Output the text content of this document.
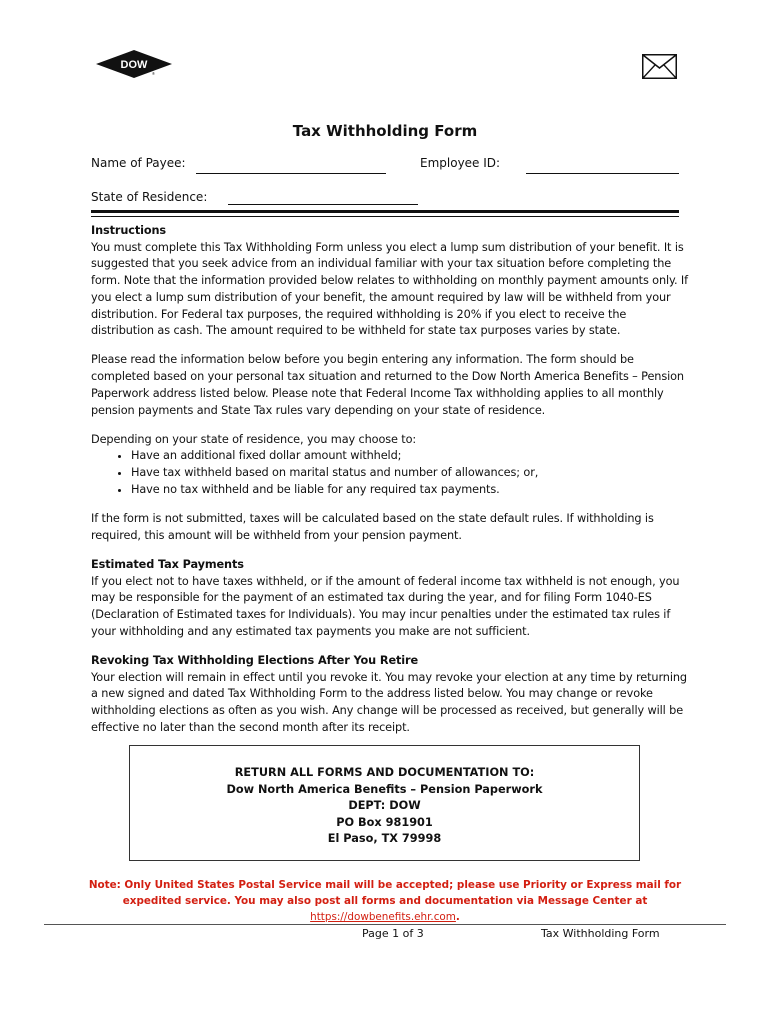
DOW
®
Tax Withholding Form
Name of Payee:	Employee ID:
State of Residence:
Instructions

You must complete this Tax Withholding Form unless you elect a lump sum distribution of your benefit. It is suggested that you seek advice from an individual familiar with your tax situation before completing the form. Note that the information provided below relates to withholding on monthly payment amounts only. If you elect a lump sum distribution of your benefit, the amount required by law will be withheld from your distribution. For Federal tax purposes, the required withholding is 20% if you elect to receive the distribution as cash. The amount required to be withheld for state tax purposes varies by state.

Please read the information below before you begin entering any information. The form should be completed based on your personal tax situation and returned to the Dow North America Benefits – Pension Paperwork address listed below. Please note that Federal Income Tax withholding applies to all monthly pension payments and State Tax rules vary depending on your state of residence.

Depending on your state of residence, you may choose to:
• Have an additional fixed dollar amount withheld;
• Have tax withheld based on marital status and number of allowances; or,
• Have no tax withheld and be liable for any required tax payments.

If the form is not submitted, taxes will be calculated based on the state default rules. If withholding is required, this amount will be withheld from your pension payment.

Estimated Tax Payments

If you elect not to have taxes withheld, or if the amount of federal income tax withheld is not enough, you may be responsible for the payment of an estimated tax during the year, and for filing Form 1040-ES (Declaration of Estimated taxes for Individuals). You may incur penalties under the estimated tax rules if your withholding and any estimated tax payments you make are not sufficient.

Revoking Tax Withholding Elections After You Retire

Your election will remain in effect until you revoke it. You may revoke your election at any time by returning a new signed and dated Tax Withholding Form to the address listed below. You may change or revoke withholding elections as often as you wish. Any change will be processed as received, but generally will be effective no later than the second month after its receipt.

RETURN ALL FORMS AND DOCUMENTATION TO:
Dow North America Benefits – Pension Paperwork
DEPT: DOW
PO Box 981901
El Paso, TX 79998
Note: Only United States Postal Service mail will be accepted; please use Priority or Express mail for expedited service. You may also post all forms and documentation via Message Center at https://dowbenefits.ehr.com.
Page 1 of 3	Tax Withholding Form
